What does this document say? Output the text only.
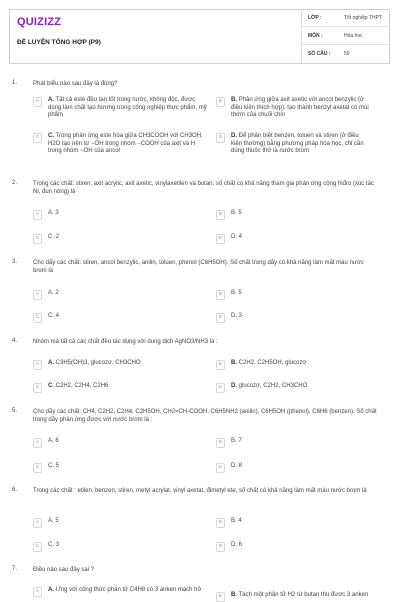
QUIZIZZ
ĐỀ LUYỆN TỔNG HỢP (P9)
LỚP :	Tốt nghiệp THPT
MÔN :	Hóa học
SỐ CÂU :	50
1.	Phát biểu nào sau đây là đúng?
A	A. Tất cả este đều tan tốt trong nước, không độc, được dùng làm chất tạo hương trong công nghiệp thực phẩm, mỹ phẩm
B	B. Phản ứng giữa axit axetic với ancol benzylic (ở điều kiện thích hợp), tạo thành benzyl axetat có mùi thơm của chuối chín
C	C. Trong phản ứng este hóa giữa CH3COOH với CH3OH, H2O tạo nên từ −OH trong nhóm −COOH của axit và H trong nhóm −OH của ancol
D	D. Để phân biệt benzen, toluen và stiren (ở điều kiện thường) bằng phương pháp hóa học, chỉ cần dùng thuốc thử là nước brom
2.	Trong các chất: stiren, axit acrylic, axit axetic, vinylaxetilen và butan, số chất có khả năng tham gia phản ứng cộng hiđro (xúc tác Ni, đun nóng) là
A	A. 3	B	B. 5
C	C. 2	D	D. 4
3.	Cho dãy các chất: stiren, ancol benzylic, anilin, toluen, phenol (C6H5OH). Số chất trong dãy có khả năng làm mất màu nước brom là
A	A. 2	B	B. 5
C	C. 4	D	D. 3
4.	Nhóm mà tất cả các chất đều tác dụng với dung dịch AgNO3/NH3 là :
A	A. C3H5(OH)3, glucozơ, CH3CHO	B	B. C2H2, C2H5OH, glucozơ
C	C. C2H2, C2H4, C2H6	D	D. glucozơ, C2H2, CH3CHO
5.	Cho dãy các chất: CH4, C2H2, C2H4, C2H5OH, CH2=CH-COOH, C6H5NH2 (anilin), C6H5OH (phenol), C6H6 (benzen). Số chất trong dãy phản ứng được với nước brom là :
A	A. 6	B	B. 7
C	C. 5	D	D. 8
6.	Trong các chất : etilen, benzen, stiren, metyl acrylat, vinyl axetat, đimetyl ete, số chất có khả năng làm mất màu nước brom là
A	A. 5	B	B. 4
C	C. 3	D	D. 6
7.	Điều nào sau đây sai ?
A	A. Ứng với công thức phân tử C4H8 có 3 anken mạch hở
B	B. Tách một phân tử H2 từ butan thu được 3 anken
